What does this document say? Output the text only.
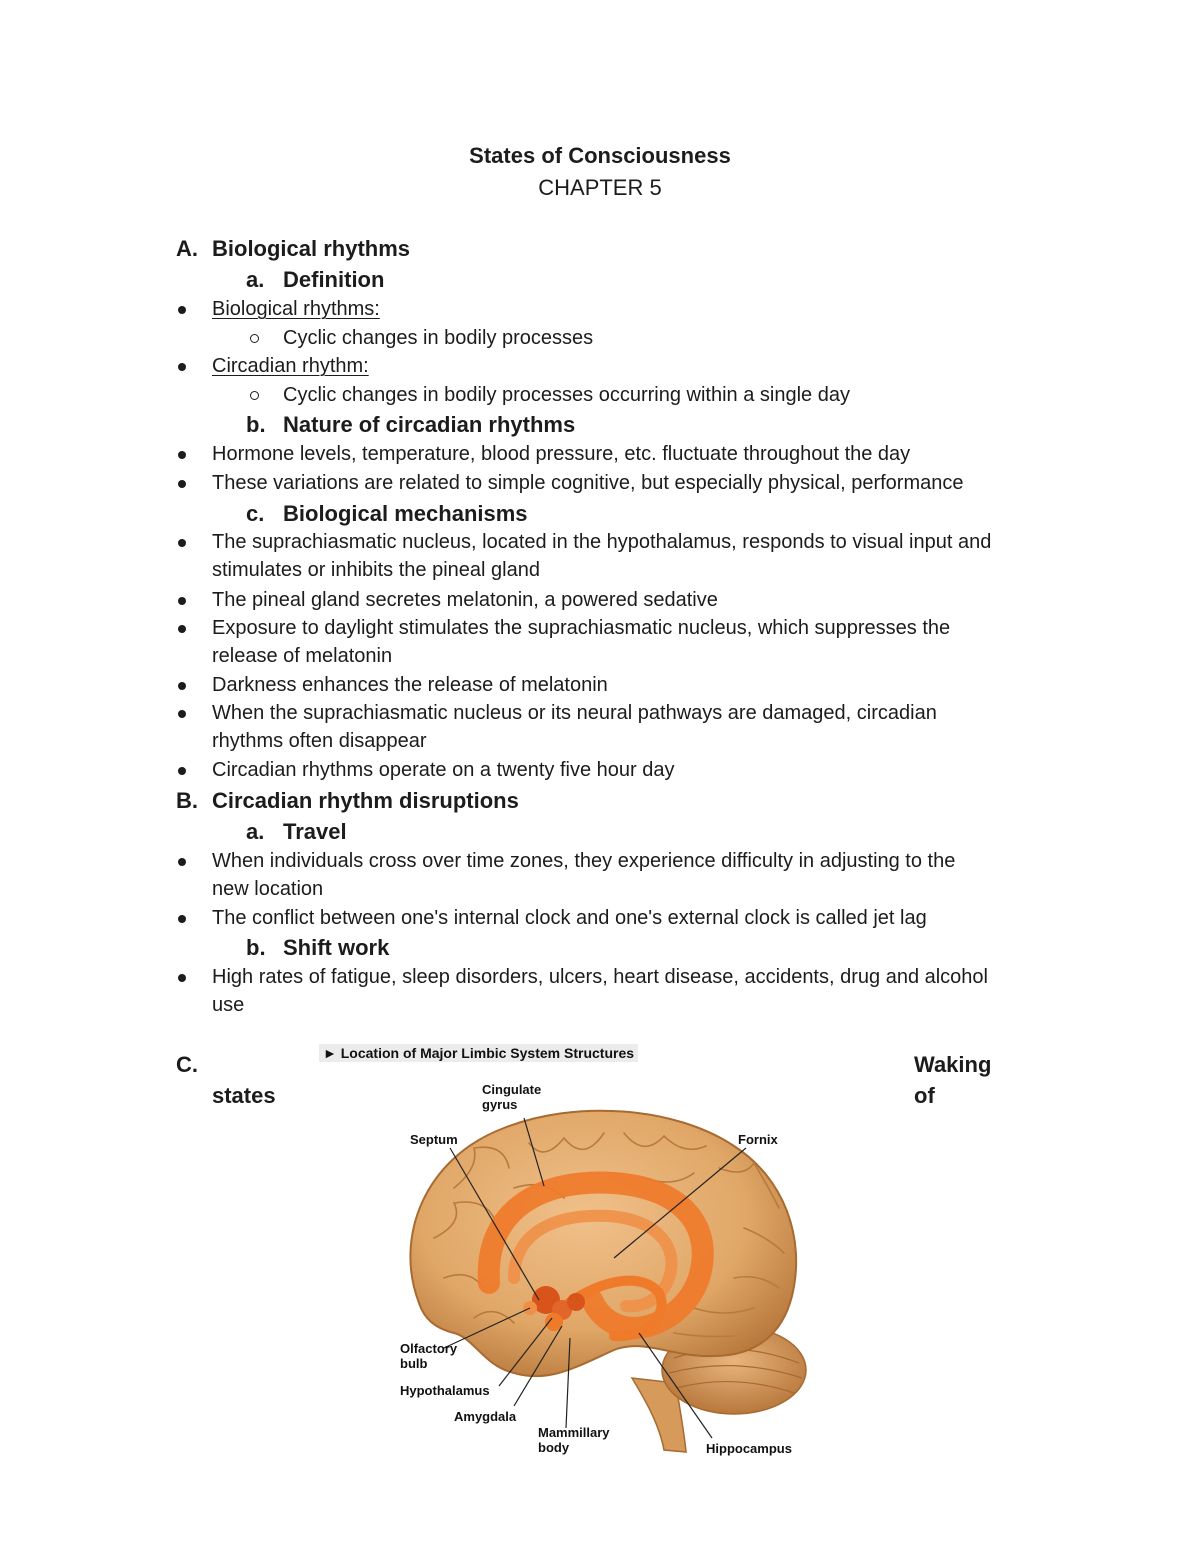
States of Consciousness
CHAPTER 5
A. Biological rhythms
a. Definition
Biological rhythms:
Cyclic changes in bodily processes
Circadian rhythm:
Cyclic changes in bodily processes occurring within a single day
b. Nature of circadian rhythms
Hormone levels, temperature, blood pressure, etc. fluctuate throughout the day
These variations are related to simple cognitive, but especially physical, performance
c. Biological mechanisms
The suprachiasmatic nucleus, located in the hypothalamus, responds to visual input and
stimulates or inhibits the pineal gland
The pineal gland secretes melatonin, a powered sedative
Exposure to daylight stimulates the suprachiasmatic nucleus, which suppresses the
release of melatonin
Darkness enhances the release of melatonin
When the suprachiasmatic nucleus or its neural pathways are damaged, circadian
rhythms often disappear
Circadian rhythms operate on a twenty five hour day
B. Circadian rhythm disruptions
a. Travel
When individuals cross over time zones, they experience difficulty in adjusting to the
new location
The conflict between one's internal clock and one's external clock is called jet lag
b. Shift work
High rates of fatigue, sleep disorders, ulcers, heart disease, accidents, drug and alcohol
use
C.	Waking
states	of
► Location of Major Limbic System Structures
Cingulate
gyrus
Septum	Fornix
Olfactory
bulb
Hypothalamus
Amygdala
Mammillary
body	Hippocampus
